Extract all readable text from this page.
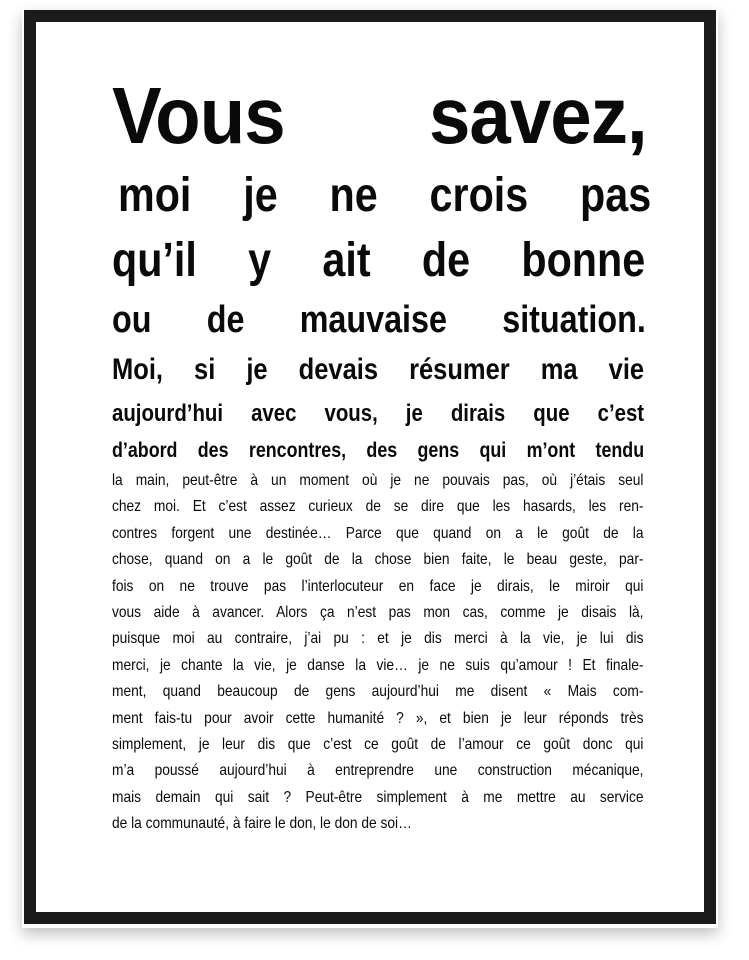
Vous savez,
moi je ne crois pas
qu’il y ait de bonne
ou de mauvaise situation.
Moi, si je devais résumer ma vie
aujourd’hui avec vous, je dirais que c’est
d’abord des rencontres, des gens qui m’ont tendu
la main, peut-être à un moment où je ne pouvais pas, où j’étais seul
chez moi. Et c’est assez curieux de se dire que les hasards, les ren-
contres forgent une destinée… Parce que quand on a le goût de la
chose, quand on a le goût de la chose bien faite, le beau geste, par-
fois on ne trouve pas l’interlocuteur en face je dirais, le miroir qui
vous aide à avancer. Alors ça n’est pas mon cas, comme je disais là,
puisque moi au contraire, j’ai pu : et je dis merci à la vie, je lui dis
merci, je chante la vie, je danse la vie… je ne suis qu’amour ! Et finale-
ment, quand beaucoup de gens aujourd’hui me disent « Mais com-
ment fais-tu pour avoir cette humanité ? », et bien je leur réponds très
simplement, je leur dis que c’est ce goût de l’amour ce goût donc qui
m’a poussé aujourd’hui à entreprendre une construction mécanique,
mais demain qui sait ? Peut-être simplement à me mettre au service
de la communauté, à faire le don, le don de soi…
